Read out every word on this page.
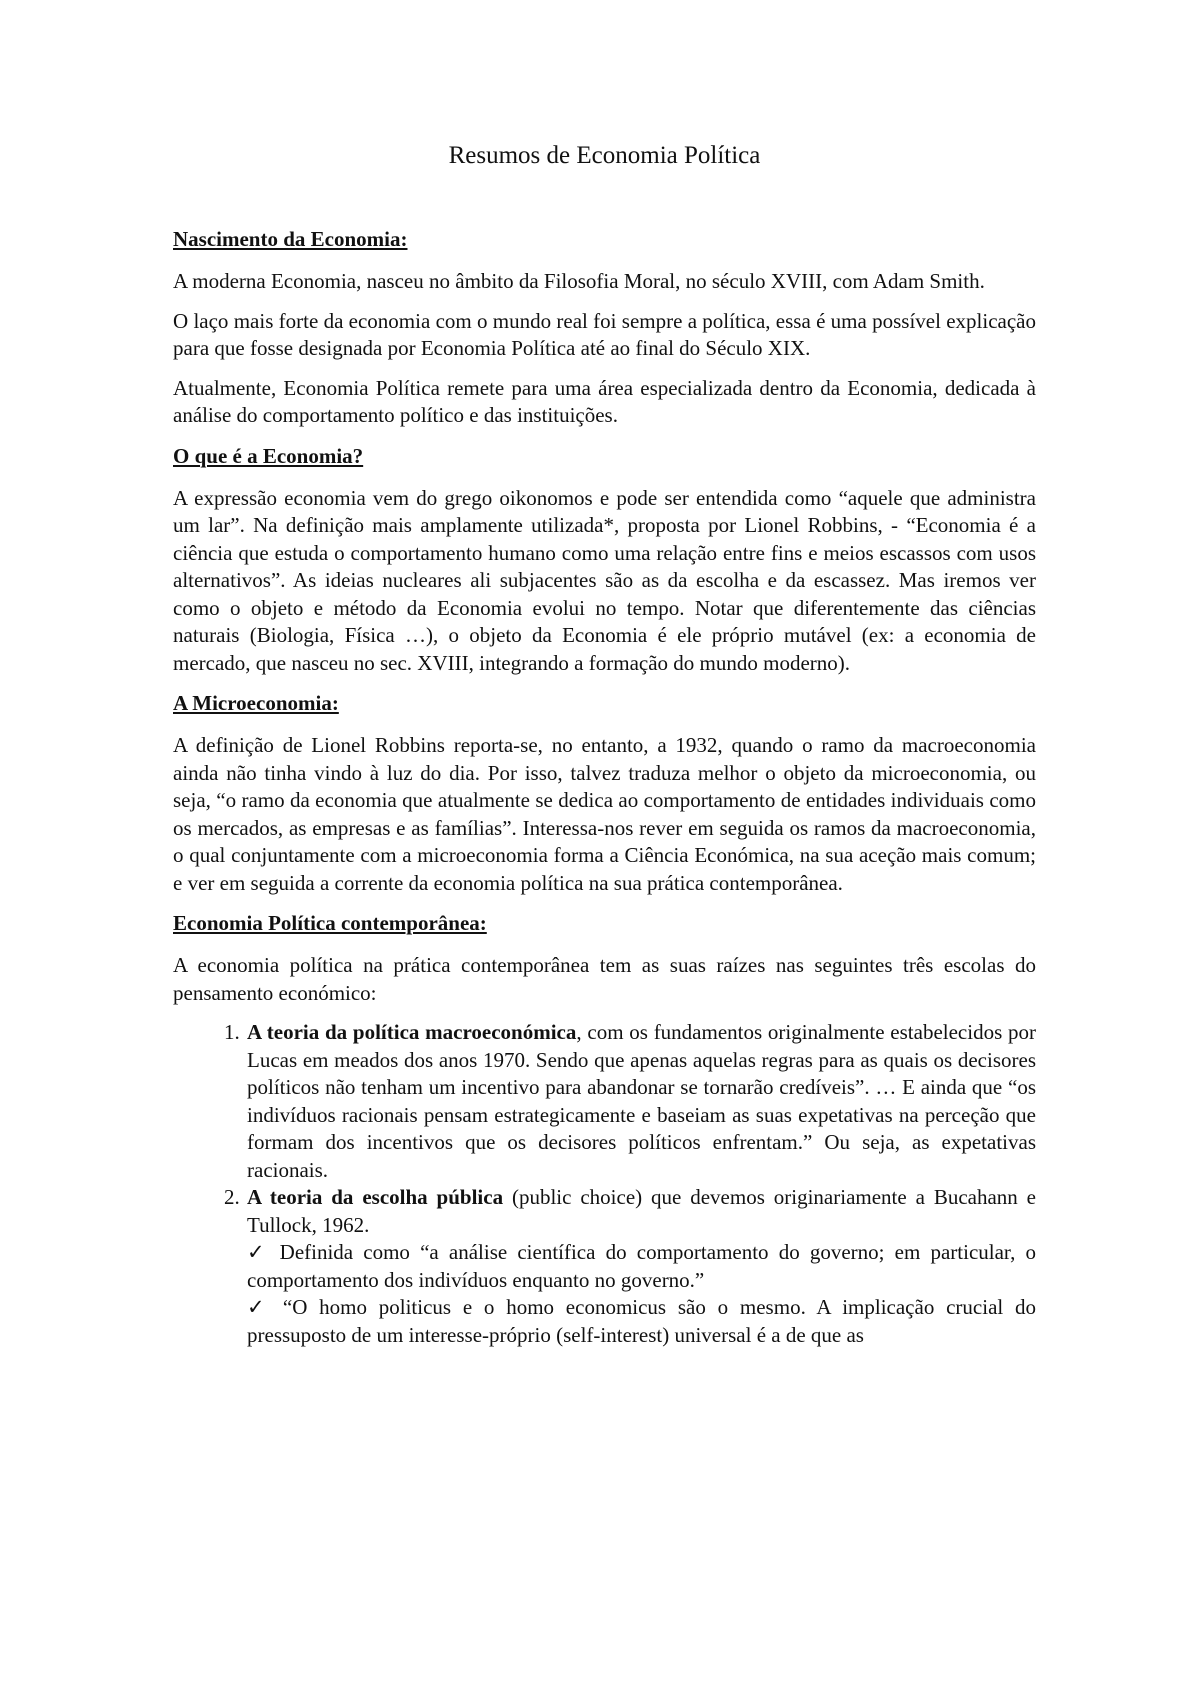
Resumos de Economia Política
Nascimento da Economia:

A moderna Economia, nasceu no âmbito da Filosofia Moral, no século XVIII, com Adam Smith.

O laço mais forte da economia com o mundo real foi sempre a política, essa é uma possível explicação para que fosse designada por Economia Política até ao final do Século XIX.

Atualmente, Economia Política remete para uma área especializada dentro da Economia, dedicada à análise do comportamento político e das instituições.

O que é a Economia?

A expressão economia vem do grego oikonomos e pode ser entendida como “aquele que administra um lar”. Na definição mais amplamente utilizada*, proposta por Lionel Robbins, - “Economia é a ciência que estuda o comportamento humano como uma relação entre fins e meios escassos com usos alternativos”. As ideias nucleares ali subjacentes são as da escolha e da escassez. Mas iremos ver como o objeto e método da Economia evolui no tempo. Notar que diferentemente das ciências naturais (Biologia, Física …), o objeto da Economia é ele próprio mutável (ex: a economia de mercado, que nasceu no sec. XVIII, integrando a formação do mundo moderno).

A Microeconomia:

A definição de Lionel Robbins reporta-se, no entanto, a 1932, quando o ramo da macroeconomia ainda não tinha vindo à luz do dia. Por isso, talvez traduza melhor o objeto da microeconomia, ou seja, “o ramo da economia que atualmente se dedica ao comportamento de entidades individuais como os mercados, as empresas e as famílias”. Interessa-nos rever em seguida os ramos da macroeconomia, o qual conjuntamente com a microeconomia forma a Ciência Económica, na sua aceção mais comum; e ver em seguida a corrente da economia política na sua prática contemporânea.

Economia Política contemporânea:

A economia política na prática contemporânea tem as suas raízes nas seguintes três escolas do pensamento económico:

1. A teoria da política macroeconómica, com os fundamentos originalmente estabelecidos por Lucas em meados dos anos 1970. Sendo que apenas aquelas regras para as quais os decisores políticos não tenham um incentivo para abandonar se tornarão credíveis”. … E ainda que “os indivíduos racionais pensam estrategicamente e baseiam as suas expetativas na perceção que formam dos incentivos que os decisores políticos enfrentam.” Ou seja, as expetativas racionais.
2. A teoria da escolha pública (public choice) que devemos originariamente a Bucahann e Tullock, 1962.
✓ Definida como “a análise científica do comportamento do governo; em particular, o comportamento dos indivíduos enquanto no governo.”
✓ “O homo politicus e o homo economicus são o mesmo. A implicação crucial do pressuposto de um interesse-próprio (self-interest) universal é a de que as
